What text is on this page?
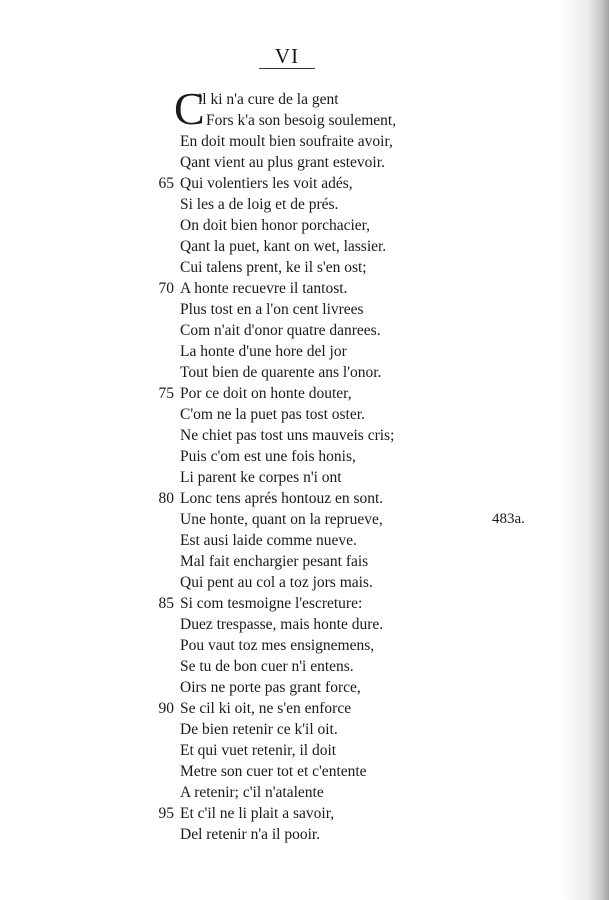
VI
C
il ki n'a cure de la gent
Fors k'a son besoig soulement,
En doit moult bien soufraite avoir,
Qant vient au plus grant estevoir.
65 Qui volentiers les voit adés,
Si les a de loig et de prés.
On doit bien honor porchacier,
Qant la puet, kant on wet, lassier.
Cui talens prent, ke il s'en ost;
70 A honte recuevre il tantost.
Plus tost en a l'on cent livrees
Com n'ait d'onor quatre danrees.
La honte d'une hore del jor
Tout bien de quarente ans l'onor.
75 Por ce doit on honte douter,
C'om ne la puet pas tost oster.
Ne chiet pas tost uns mauveis cris;
Puis c'om est une fois honis,
Li parent ke corpes n'i ont
80 Lonc tens aprés hontouz en sont.
Une honte, quant on la reprueve,	483a.
Est ausi laide comme nueve.
Mal fait enchargier pesant fais
Qui pent au col a toz jors mais.
85 Si com tesmoigne l'escreture:
Duez trespasse, mais honte dure.
Pou vaut toz mes ensignemens,
Se tu de bon cuer n'i entens.
Oirs ne porte pas grant force,
90 Se cil ki oit, ne s'en enforce
De bien retenir ce k'il oit.
Et qui vuet retenir, il doit
Metre son cuer tot et c'entente
A retenir; c'il n'atalente
95 Et c'il ne li plait a savoir,
Del retenir n'a il pooir.
